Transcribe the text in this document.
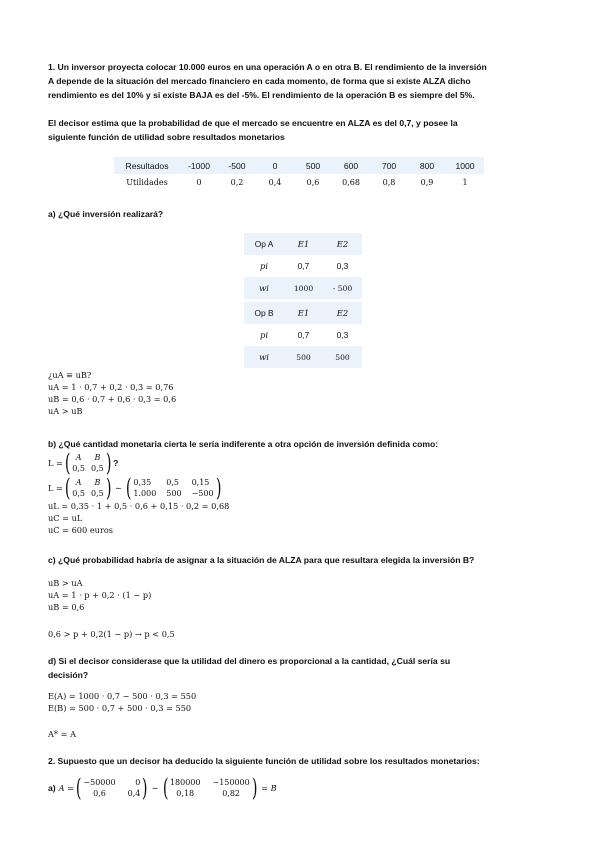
1. Un inversor proyecta colocar 10.000 euros en una operación A o en otra B. El rendimiento de la inversión
A depende de la situación del mercado financiero en cada momento, de forma que si existe ALZA dicho
rendimiento es del 10% y si existe BAJA es del -5%. El rendimiento de la operación B es siempre del 5%.
El decisor estima que la probabilidad de que el mercado se encuentre en ALZA es del 0,7, y posee la
siguiente función de utilidad sobre resultados monetarios
Resultados	-1000	-500	0	500	600	700	800	1000
Utilidades	0	0,2	0,4	0,6	0,68	0,8	0,9	1
a) ¿Qué inversión realizará?
Op A	E1	E2
pi	0,7	0,3
wi	1000	- 500
Op B	E1	E2
pi	0,7	0,3
wi	500	500
¿uA ≡ uB?
uA = 1 · 0,7 + 0,2 · 0,3 = 0,76
uB = 0,6 · 0,7 + 0,6 · 0,3 = 0,6
uA > uB
b) ¿Qué cantidad monetaria cierta le sería indiferente a otra opción de inversión definida como:
L = ( A	B
0,5 0,5 ) ?
L = ( A	B
0,5 0,5 ) ∼ ( 0,35	0,5	0,15
1.000 500 −500 )
uL = 0,35 · 1 + 0,5 · 0,6 + 0,15 · 0,2 = 0,68
uC = uL
uC = 600 euros
c) ¿Qué probabilidad habría de asignar a la situación de ALZA para que resultara elegida la inversión B?
uB > uA
uA = 1 · p + 0,2 · (1 − p)
uB = 0,6
0,6 > p + 0,2(1 − p) → p < 0,5
d) Si el decisor considerase que la utilidad del dinero es proporcional a la cantidad, ¿Cuál sería su
decisión?
E(A) = 1000 · 0,7 − 500 · 0,3 = 550
E(B) = 500 · 0,7 + 500 · 0,3 = 550
A* = A
2. Supuesto que un decisor ha deducido la siguiente función de utilidad sobre los resultados monetarios:
a) A = ( −50000	0
0,6	0,4 ) ∼ ( 180000 −150000
0,18	0,82 ) = B
